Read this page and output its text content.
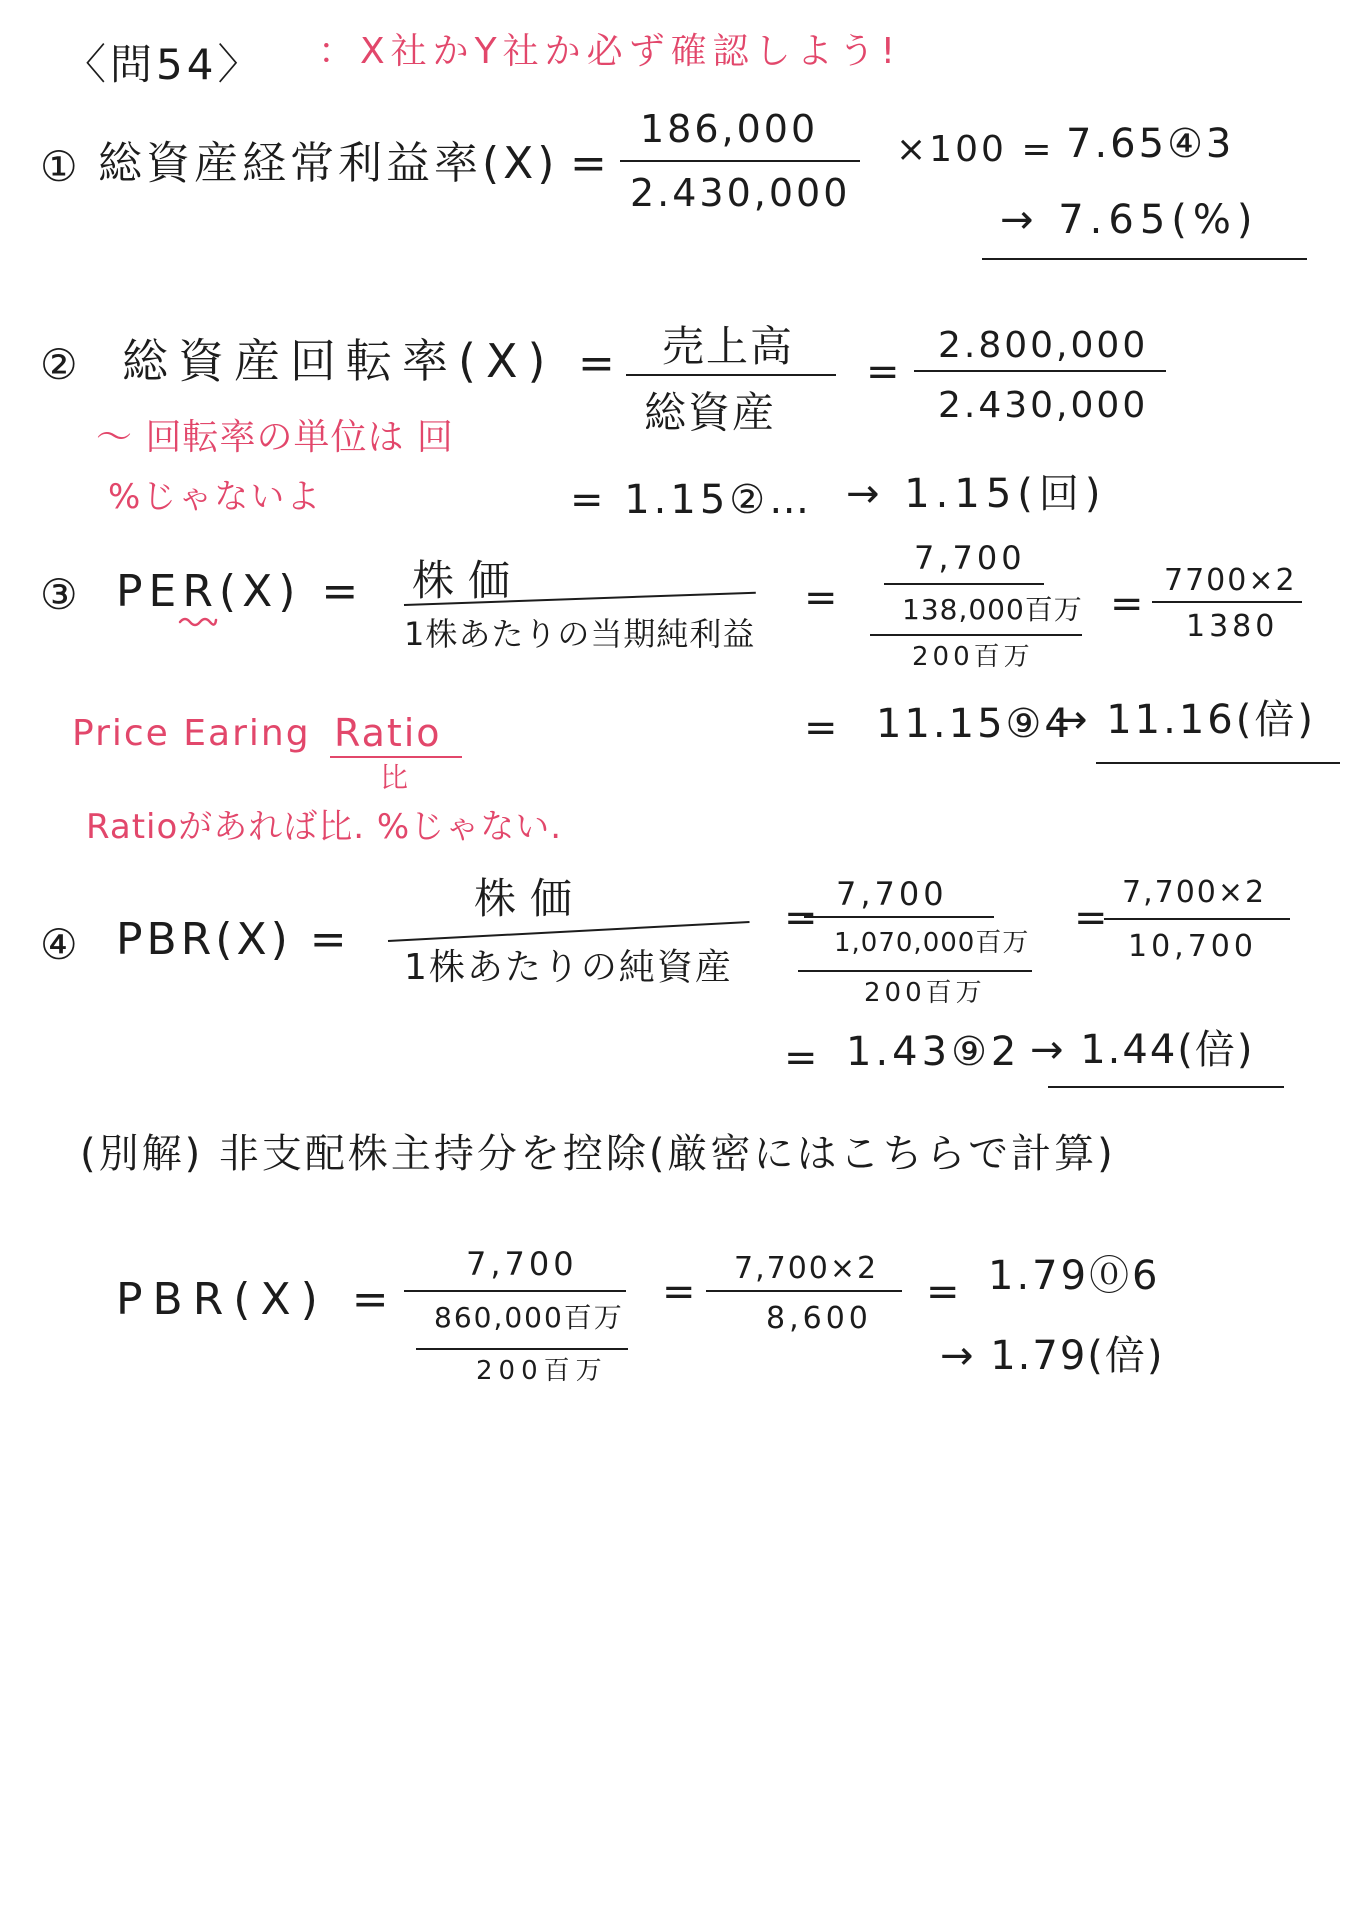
〈問54〉 ：X社かY社か必ず確認しよう!
① 総資産経常利益率(X) =
186,000
2.430,000
×100 = 7.65④3
→ 7.65(%)
② 総資産回転率(X) = 売上高
総資産
=
2.800,000
2.430,000
〜 回転率の単位は 回
%じゃないよ	= 1.15②… → 1.15(回)
③ PER(X) = 株価
1株あたりの当期純利益
=
7,700
138,000百万
200百万
=
7700×2
1380
= 11.15⑨4
→ 11.16(倍)
Price Earing Ratio
比
Ratioがあれば比. %じゃない.
④ PBR(X) =
株価
1株あたりの純資産
=
7,700
1,070,000百万
200百万
=
7,700×2
10,700
= 1.43⑨2 → 1.44(倍)
(別解) 非支配株主持分を控除(厳密にはこちらで計算)
PBR(X) =
7,700
860,000百万
200百万
=
7,700×2
8,600
= 1.79⓪6
→ 1.79(倍)
